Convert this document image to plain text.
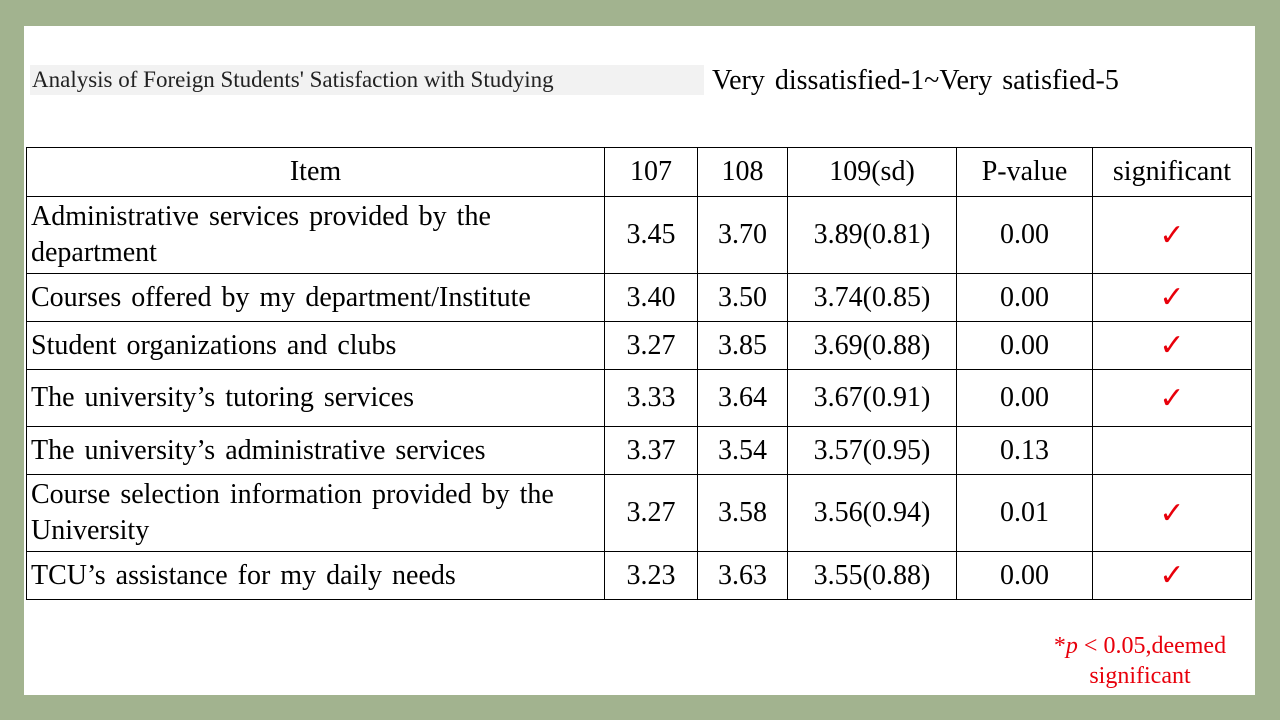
Analysis of Foreign Students' Satisfaction with Studying	Very dissatisfied-1~Very satisfied-5
Item	107	108	109(sd)	P-value	significant
Administrative services provided by the department	3.45	3.70	3.89(0.81)	0.00	✓
Courses offered by my department/Institute	3.40	3.50	3.74(0.85)	0.00	✓
Student organizations and clubs	3.27	3.85	3.69(0.88)	0.00	✓
The university’s tutoring services	3.33	3.64	3.67(0.91)	0.00	✓
The university’s administrative services	3.37	3.54	3.57(0.95)	0.13	
Course selection information provided by the University	3.27	3.58	3.56(0.94)	0.01	✓
TCU’s assistance for my daily needs	3.23	3.63	3.55(0.88)	0.00	✓
*p < 0.05,deemed significant
